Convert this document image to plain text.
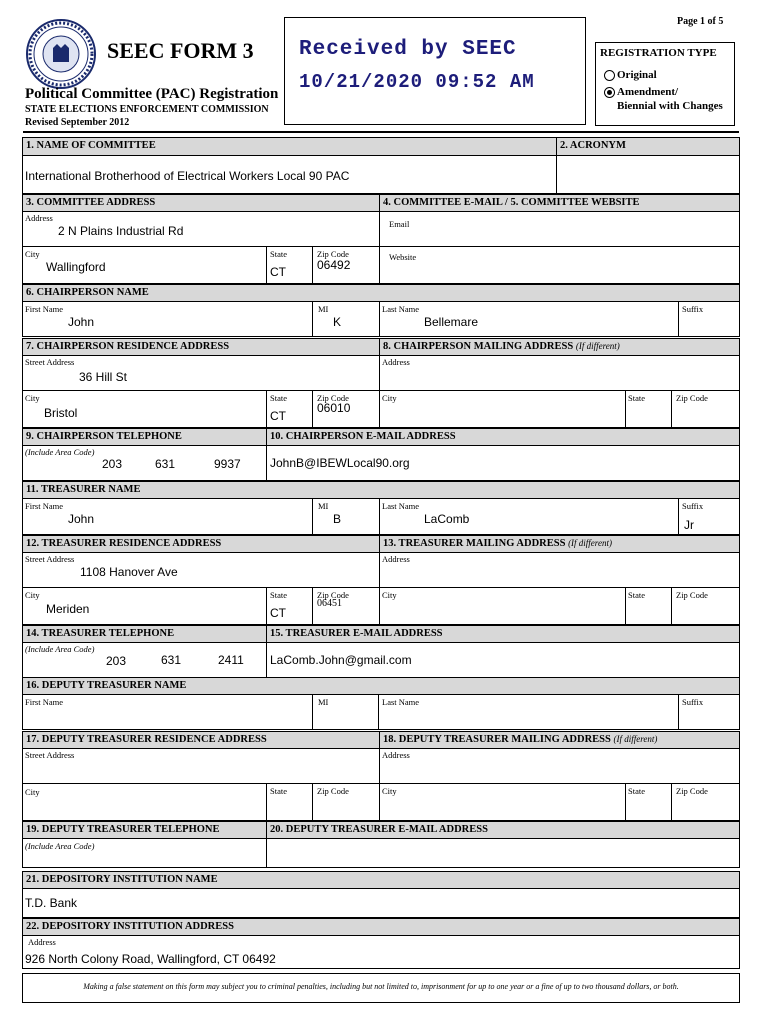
SEEC FORM 3
Political Committee (PAC) Registration
STATE ELECTIONS ENFORCEMENT COMMISSION
Revised September 2012
Received by SEEC
10/21/2020 09:52 AM
Page 1 of 5
REGISTRATION TYPE
Original
Amendment/
Biennial with Changes
1. NAME OF COMMITTEE	2. ACRONYM
International Brotherhood of Electrical Workers Local 90 PAC
3. COMMITTEE ADDRESS	4. COMMITTEE E-MAIL / 5. COMMITTEE WEBSITE
Address
2 N Plains Industrial Rd
City
Wallingford
State
CT
Zip Code
06492
Email
Website
6. CHAIRPERSON NAME
First Name
John
MI
K
Last Name
Bellemare
Suffix
7. CHAIRPERSON RESIDENCE ADDRESS	8. CHAIRPERSON MAILING ADDRESS (If different)
Street Address
36 Hill St
City
Bristol
State
CT
Zip Code
06010
Address
City	State	Zip Code
9. CHAIRPERSON TELEPHONE	10. CHAIRPERSON E-MAIL ADDRESS
(Include Area Code)
203	631	9937 JohnB@IBEWLocal90.org
11. TREASURER NAME
First Name
John
MI
B
Last Name
LaComb
Suffix
Jr
12. TREASURER RESIDENCE ADDRESS	13. TREASURER MAILING ADDRESS (If different)
Street Address
1108 Hanover Ave
City
Meriden
State
CT
Zip Code
06451
Address
City	State	Zip Code
14. TREASURER TELEPHONE	15. TREASURER E-MAIL ADDRESS
(Include Area Code)
203	631	2411 LaComb.John@gmail.com
16. DEPUTY TREASURER NAME
First Name	MI	Last Name	Suffix
17. DEPUTY TREASURER RESIDENCE ADDRESS	18. DEPUTY TREASURER MAILING ADDRESS (If different)
Street Address
City	State	Zip Code
Address
City	State	Zip Code
19. DEPUTY TREASURER TELEPHONE	20. DEPUTY TREASURER E-MAIL ADDRESS
(Include Area Code)
21. DEPOSITORY INSTITUTION NAME
T.D. Bank
22. DEPOSITORY INSTITUTION ADDRESS
Address
926 North Colony Road, Wallingford, CT 06492
Making a false statement on this form may subject you to criminal penalties, including but not limited to, imprisonment for up to one year or a fine of up to two thousand dollars, or both.
